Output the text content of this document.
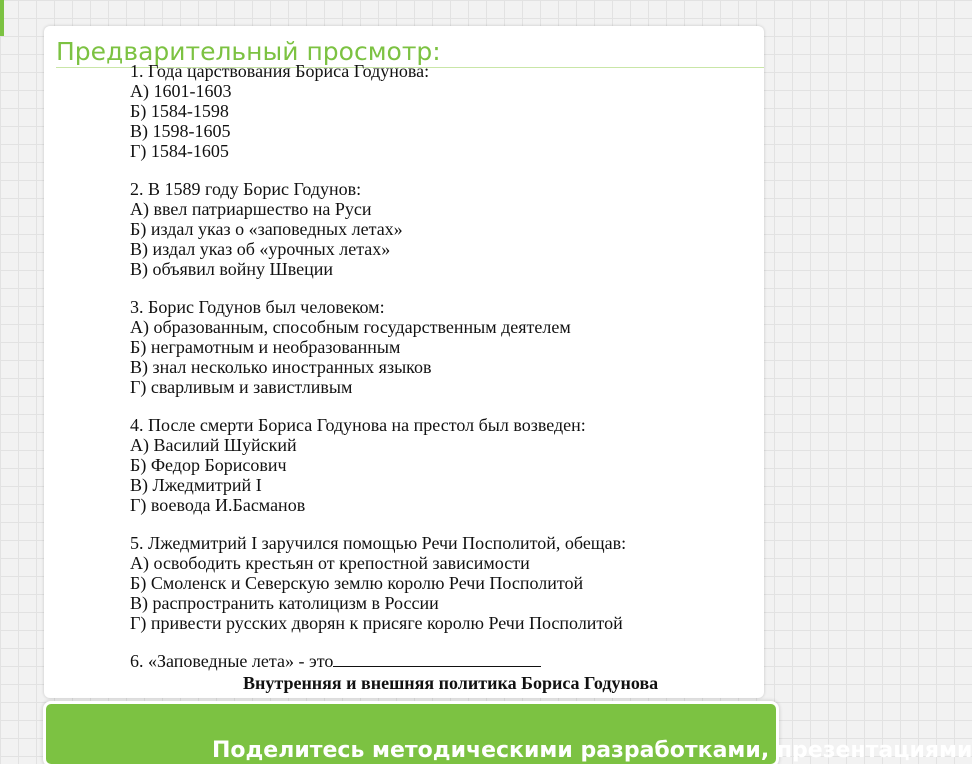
Предварительный просмотр:
1. Года царствования Бориса Годунова:
А) 1601-1603
Б) 1584-1598
В) 1598-1605
Г) 1584-1605
2. В 1589 году Борис Годунов:
А) ввел патриаршество на Руси
Б) издал указ о «заповедных летах»
В) издал указ об «урочных летах»
В) объявил войну Швеции
3. Борис Годунов был человеком:
А) образованным, способным государственным деятелем
Б) неграмотным и необразованным
В) знал несколько иностранных языков
Г) сварливым и завистливым
4. После смерти Бориса Годунова на престол был возведен:
А) Василий Шуйский
Б) Федор Борисович
В) Лжедмитрий I
Г) воевода И.Басманов
5. Лжедмитрий I заручился помощью Речи Посполитой, обещав:
А) освободить крестьян от крепостной зависимости
Б) Смоленск и Северскую землю королю Речи Посполитой
В) распространить католицизм в России
Г) привести русских дворян к присяге королю Речи Посполитой
6. «Заповедные лета» - это
Внутренняя и внешняя политика Бориса Годунова
Поделитесь методическими разработками, презентациями
